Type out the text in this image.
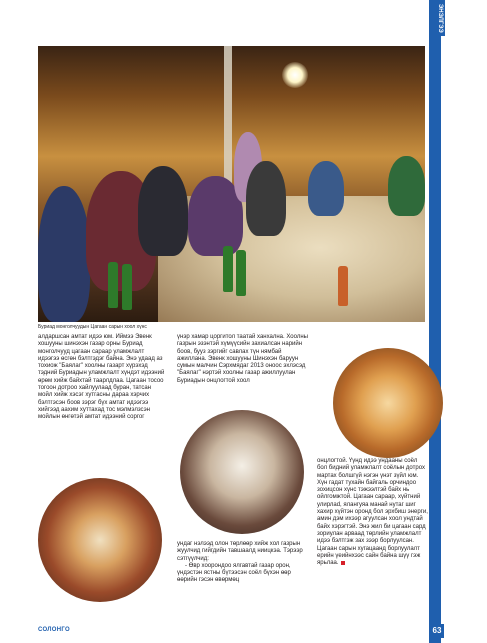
ЭНЭЛГЭЭ
Буриад монголчуудын Цагаан сарын хоол хүнс

алдаршсан амтат идээ юм. Иймээ Эвенк хошууны шинэхэн газар орны Буриад монголчууд цагаан сараар уламжлалт идээгээ өсгөн бэлтгэдэг байна. Энэ удаад аз тохиож "Баялаг" хоолны газарт хүрэхэд тэдний Буриадын уламжлалт хүндэт идээний өрөм хийж байхтай таарлдлаа. Цагаан тосоо тогоон дотроо хайлуулаад буран, татсан мойл хийж хэсэг хутгасны дараа хэрчих бэлтгэсэн боов зэрэг бүх амтат идээгээ хийгээд аахим хуттахад тос мэлмэлзсэн мойлын өнгөтэй амтат идээний соргог

үнэр хамар цоргитол таатай ханхална. Хоолны газрын эзэнтэй хүмүүсийн захиалсан нарийн боов, бууз зэргийг савлах түн нямбай ажиллана. Эвенк хошууны Шинэхэн баруун сумын малчин Сэрхмядаг 2013 оноос эхлэсэд "Баялаг" нэртэй хоолны газар ажиллуулан Буриадын онцлогтой хоол

ундаг нэлээд олон төрлөөр хийж хол газрын жуулчид гийгдийн тавшаалд ниицкэа. Тэрээр сэтгүүлчид:

- Өвр хоорондоо ялгавтай газар орон, үндэстэн ястны бүтээсэн соёл бүхэн өөр өөрийн гэсэн өвөрмөц

онцлогтой. Үүнд идээ ундааны соёл бол бидний уламжлалт соёлын дотроx мартах болшгүй нэгэн үнэт зүйл юм. Хүн гадат тухайн байгаль орчиндоо зохицсон хүнс тэжээлтэй байх нь ойлгомжтой. Цагаан сараар, хүйтний улирлаd, ялангуяа манай нутаг шиг хахир хүйтэн оронд бол эрхбиш энерги, амин дэм ихээр агуулсан хоол ундтай байх хэрэгтэй. Энэ жил би цагаан сард зориулан арваад төрлийн уламжлалт идээ бэлтгэж зах зээр борлуулсан. Цагаан сарын хугацаанд борлуулалт ерийн үеийнхээс сайн байна шүү гэж ярьлаа.

СОЛОНГО	63
